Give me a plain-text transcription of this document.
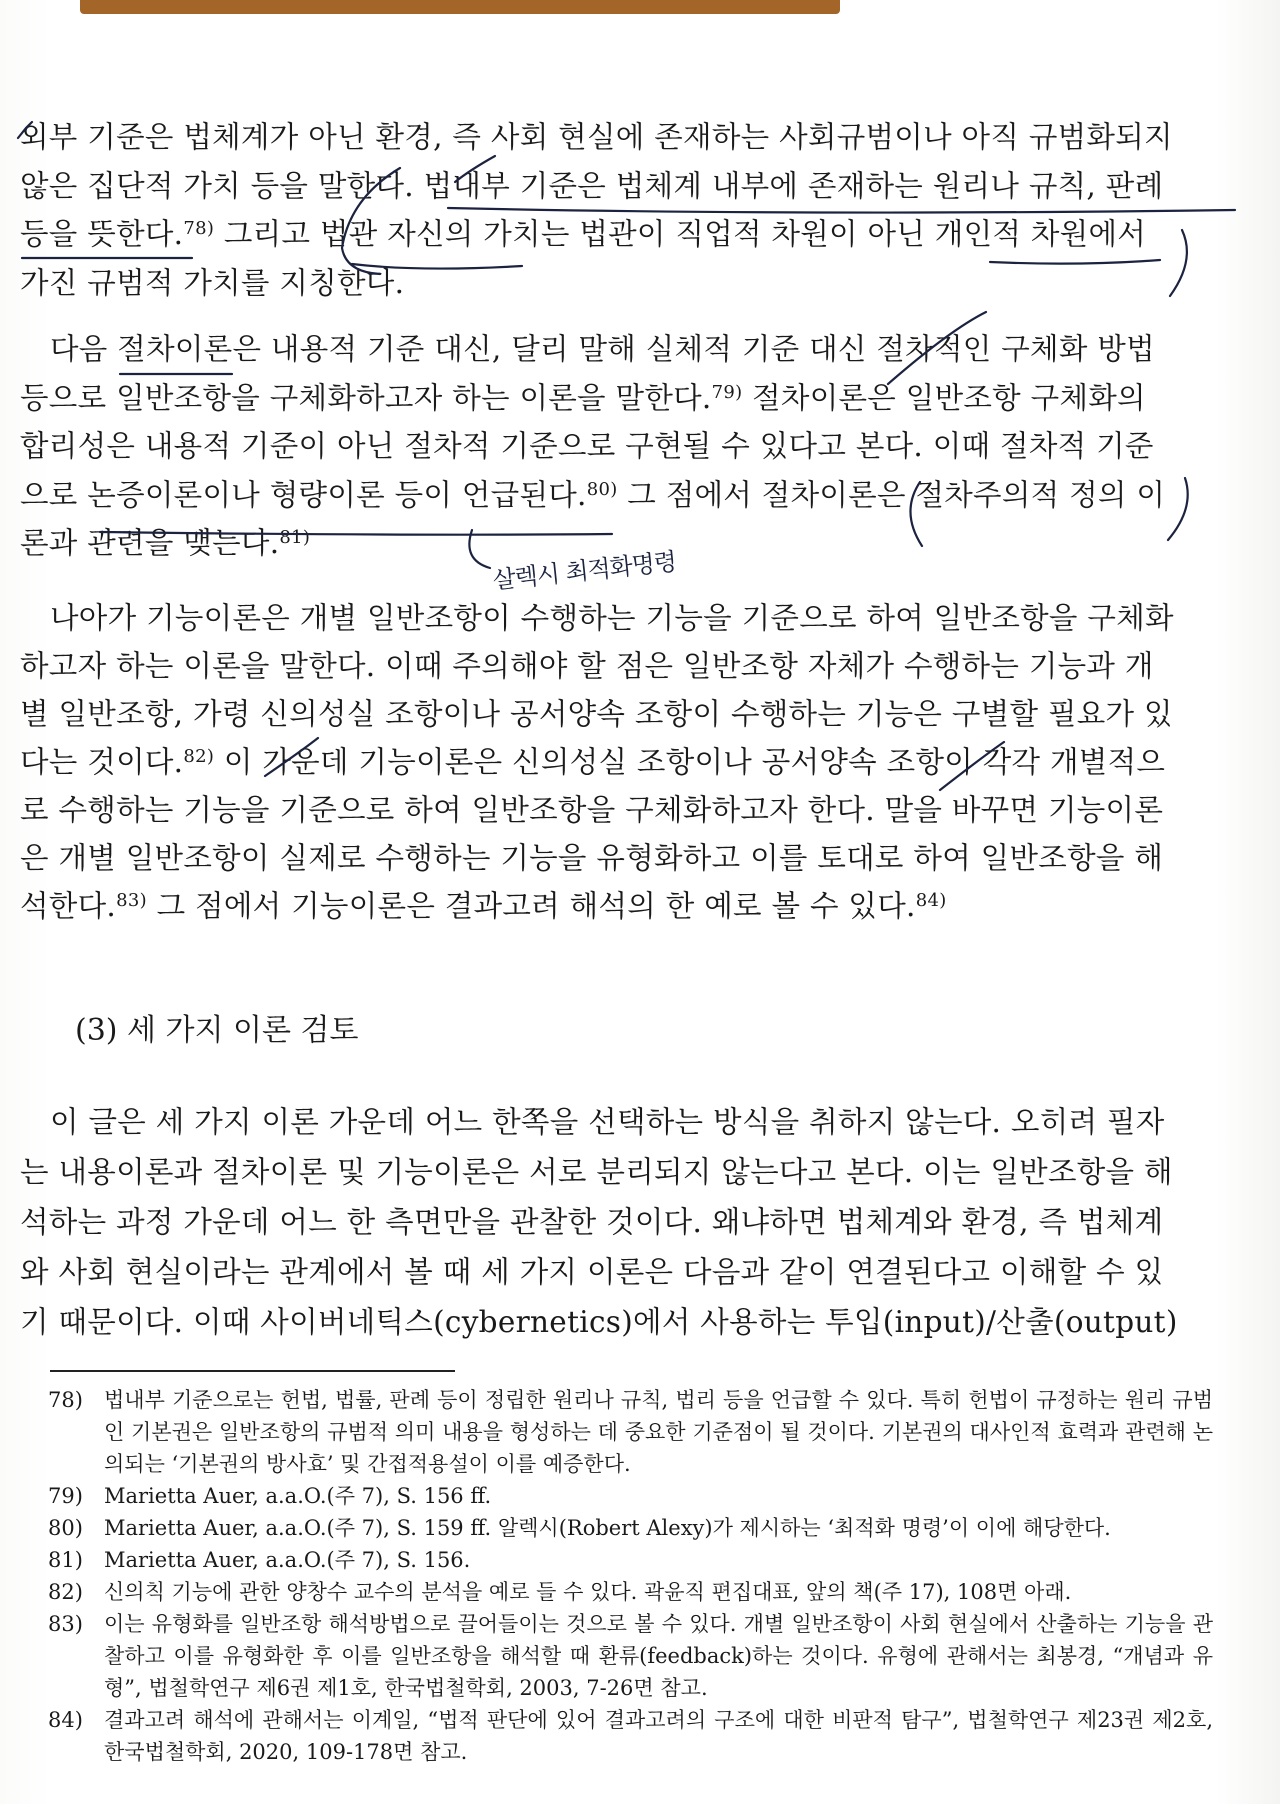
외부 기준은 법체계가 아닌 환경, 즉 사회 현실에 존재하는 사회규범이나 아직 규범화되지
않은 집단적 가치 등을 말한다. 법내부 기준은 법체계 내부에 존재하는 원리나 규칙, 판례
등을 뜻한다.$^{78)}$ 그리고 법관 자신의 가치는 법관이 직업적 차원이 아닌 개인적 차원에서
가진 규범적 가치를 지칭한다.

다음 절차이론은 내용적 기준 대신, 달리 말해 실체적 기준 대신 절차적인 구체화 방법
등으로 일반조항을 구체화하고자 하는 이론을 말한다.$^{79)}$ 절차이론은 일반조항 구체화의
합리성은 내용적 기준이 아닌 절차적 기준으로 구현될 수 있다고 본다. 이때 절차적 기준
으로 논증이론이나 형량이론 등이 언급된다.$^{80)}$ 그 점에서 절차이론은 절차주의적 정의 이
론과 관련을 맺는다.$^{81)}$

나아가 기능이론은 개별 일반조항이 수행하는 기능을 기준으로 하여 일반조항을 구체화
하고자 하는 이론을 말한다. 이때 주의해야 할 점은 일반조항 자체가 수행하는 기능과 개
별 일반조항, 가령 신의성실 조항이나 공서양속 조항이 수행하는 기능은 구별할 필요가 있
다는 것이다.$^{82)}$ 이 가운데 기능이론은 신의성실 조항이나 공서양속 조항이 각각 개별적으
로 수행하는 기능을 기준으로 하여 일반조항을 구체화하고자 한다. 말을 바꾸면 기능이론
은 개별 일반조항이 실제로 수행하는 기능을 유형화하고 이를 토대로 하여 일반조항을 해
석한다.$^{83)}$ 그 점에서 기능이론은 결과고려 해석의 한 예로 볼 수 있다.$^{84)}$

(3) 세 가지 이론 검토

이 글은 세 가지 이론 가운데 어느 한쪽을 선택하는 방식을 취하지 않는다. 오히려 필자
는 내용이론과 절차이론 및 기능이론은 서로 분리되지 않는다고 본다. 이는 일반조항을 해
석하는 과정 가운데 어느 한 측면만을 관찰한 것이다. 왜냐하면 법체계와 환경, 즉 법체계
와 사회 현실이라는 관계에서 볼 때 세 가지 이론은 다음과 같이 연결된다고 이해할 수 있
기 때문이다. 이때 사이버네틱스(cybernetics)에서 사용하는 투입(input)/산출(output)

78)	법내부 기준으로는 헌법, 법률, 판례 등이 정립한 원리나 규칙, 법리 등을 언급할 수 있다. 특히 헌법이 규정하는 원리 규범인 기본권은 일반조항의 규범적 의미 내용을 형성하는 데 중요한 기준점이 될 것이다. 기본권의 대사인적 효력과 관련해 논의되는 ‘기본권의 방사효’ 및 간접적용설이 이를 예증한다.
79)	Marietta Auer, a.a.O.(주 7), S. 156 ff.
80)	Marietta Auer, a.a.O.(주 7), S. 159 ff. 알렉시(Robert Alexy)가 제시하는 ‘최적화 명령’이 이에 해당한다.
81)	Marietta Auer, a.a.O.(주 7), S. 156.
82)	신의칙 기능에 관한 양창수 교수의 분석을 예로 들 수 있다. 곽윤직 편집대표, 앞의 책(주 17), 108면 아래.
83)	이는 유형화를 일반조항 해석방법으로 끌어들이는 것으로 볼 수 있다. 개별 일반조항이 사회 현실에서 산출하는 기능을 관찰하고 이를 유형화한 후 이를 일반조항을 해석할 때 환류(feedback)하는 것이다. 유형에 관해서는 최봉경, “개념과 유형”, 법철학연구 제6권 제1호, 한국법철학회, 2003, 7-26면 참고.
84)	결과고려 해석에 관해서는 이계일, “법적 판단에 있어 결과고려의 구조에 대한 비판적 탐구”, 법철학연구 제23권 제2호, 한국법철학회, 2020, 109-178면 참고.
살렉시 최적화명령
